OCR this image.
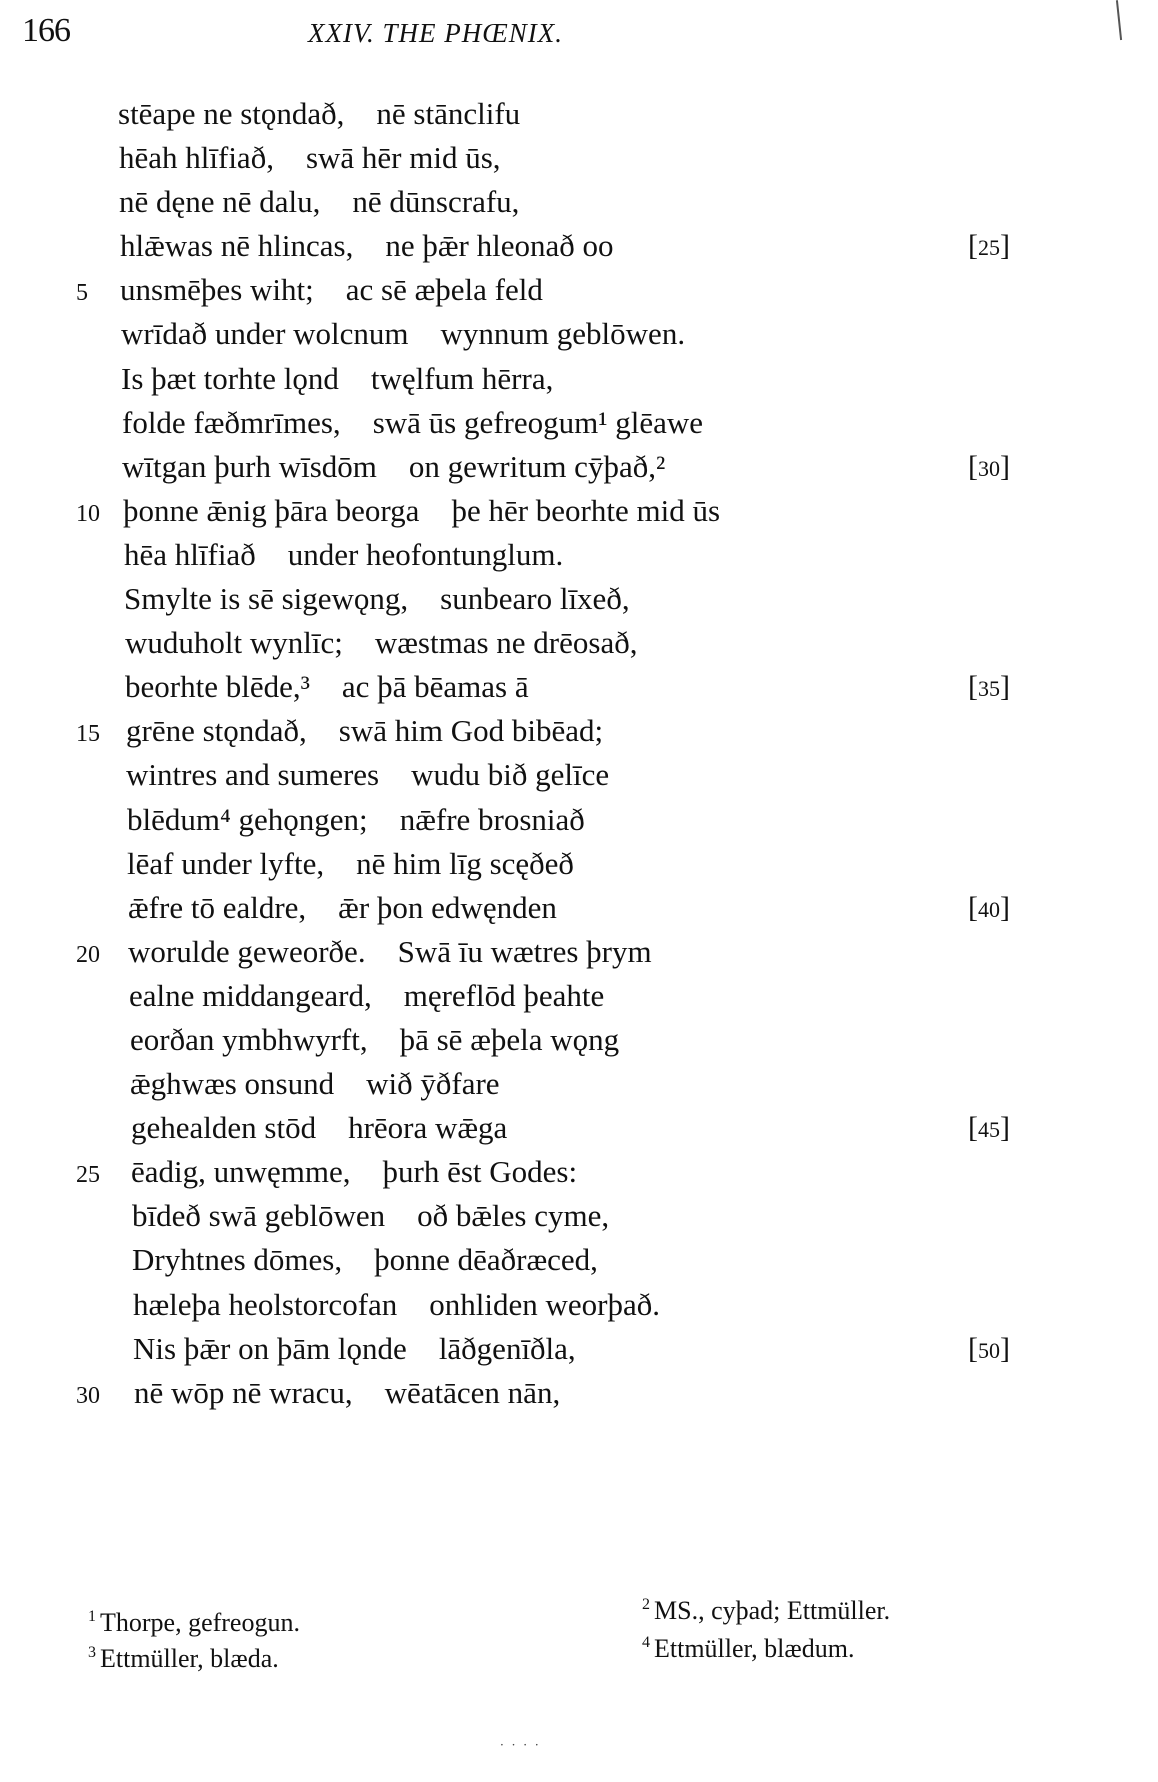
166	XXIV. THE PHŒNIX.
stēape ne stǫndað, nē stānclifu
hēah hlīfiað, swā hēr mid ūs,
nē dęne nē dalu, nē dūnscrafu,
hlǣwas nē hlincas, ne þǣr hleonað oo	[25]
5	unsmēþes wiht; ac sē æþela feld
wrīdað under wolcnum wynnum geblōwen.
Is þæt torhte lǫnd twęlfum hērra,
folde fæðmrīmes, swā ūs gefreogum¹ glēawe
wītgan þurh wīsdōm on gewritum cȳþað,²	[30]
10 þonne ǣnig þāra beorga þe hēr beorhte mid ūs
hēa hlīfiað under heofontunglum.
Smylte is sē sigewǫng, sunbearo līxeð,
wuduholt wynlīc; wæstmas ne drēosað,
beorhte blēde,³ ac þā bēamas ā	[35]
15 grēne stǫndað, swā him God bibēad;
wintres and sumeres wudu bið gelīce
blēdum⁴ gehǫngen; nǣfre brosniað
lēaf under lyfte, nē him līg scęðeð
ǣfre tō ealdre, ǣr þon edwęnden	[40]
20 worulde geweorðe. Swā īu wætres þrym
ealne middangeard, męreflōd þeahte
eorðan ymbhwyrft, þā sē æþela wǫng
ǣghwæs onsund wið ȳðfare
gehealden stōd hrēora wǣga	[45]
25	ēadig, unwęmme, þurh ēst Godes:
bīdeð swā geblōwen oð bǣles cyme,
Dryhtnes dōmes, þonne dēaðræced,
hæleþa heolstorcofan onhliden weorþað.
Nis þǣr on þām lǫnde lāðgenīðla,	[50]
30	nē wōp nē wracu, wēatācen nān,
$^1$ Thorpe, gefreogun.
$^2$ MS., cyþad; Ettmüller.
$^3$ Ettmüller, blæda.
$^4$ Ettmüller, blædum.
· · · ·
